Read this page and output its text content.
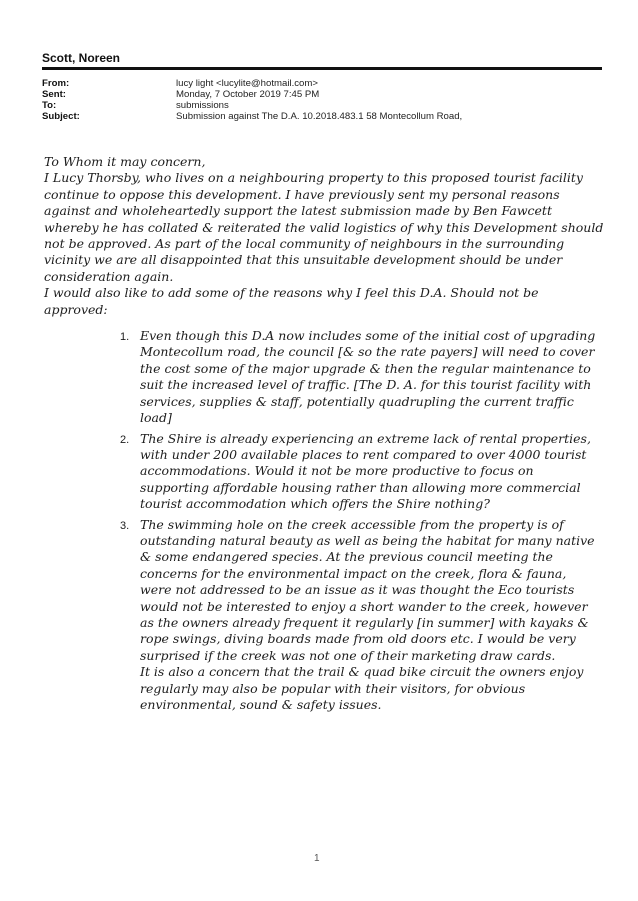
Scott, Noreen
From:	lucy light <lucylite@hotmail.com>
Sent:	Monday, 7 October 2019 7:45 PM
To:	submissions
Subject:	Submission against The D.A. 10.2018.483.1 58 Montecollum Road,

To Whom it may concern,

I Lucy Thorsby, who lives on a neighbouring property to this proposed tourist facility continue to oppose this development. I have previously sent my personal reasons against and wholeheartedly support the latest submission made by Ben Fawcett whereby he has collated & reiterated the valid logistics of why this Development should not be approved. As part of the local community of neighbours in the surrounding vicinity we are all disappointed that this unsuitable development should be under consideration again.

I would also like to add some of the reasons why I feel this D.A. Should not be approved:

1. Even though this D.A now includes some of the initial cost of upgrading Montecollum road, the council [& so the rate payers] will need to cover the cost some of the major upgrade & then the regular maintenance to suit the increased level of traffic. [The D. A. for this tourist facility with services, supplies & staff, potentially quadrupling the current traffic load]
2. The Shire is already experiencing an extreme lack of rental properties, with under 200 available places to rent compared to over 4000 tourist accommodations. Would it not be more productive to focus on supporting affordable housing rather than allowing more commercial tourist accommodation which offers the Shire nothing?
3. The swimming hole on the creek accessible from the property is of outstanding natural beauty as well as being the habitat for many native & some endangered species. At the previous council meeting the concerns for the environmental impact on the creek, flora & fauna, were not addressed to be an issue as it was thought the Eco tourists would not be interested to enjoy a short wander to the creek, however as the owners already frequent it regularly [in summer] with kayaks & rope swings, diving boards made from old doors etc. I would be very surprised if the creek was not one of their marketing draw cards.
It is also a concern that the trail & quad bike circuit the owners enjoy regularly may also be popular with their visitors, for obvious environmental, sound & safety issues.
1
